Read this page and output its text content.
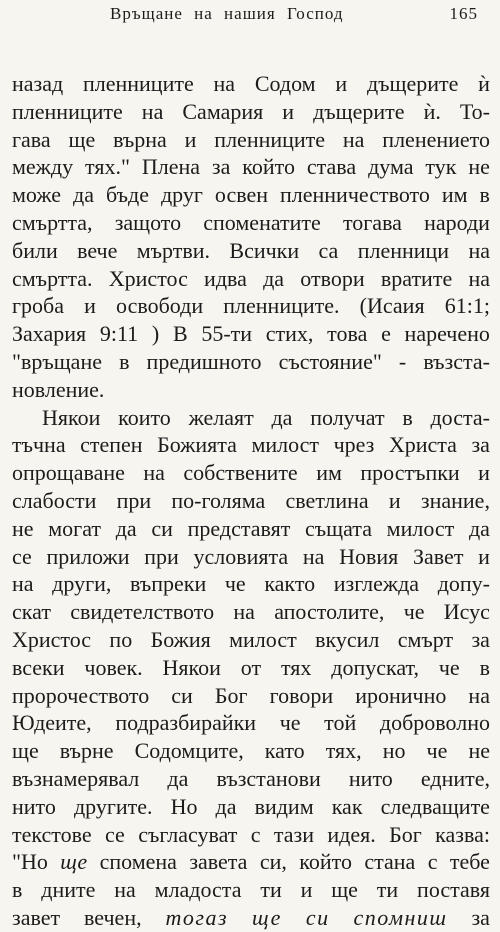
Връщане на нашия Господ	165
назад пленниците на Содом и дъщерите ѝ
пленниците на Самария и дъщерите ѝ. То-
гава ще върна и пленниците на пленението
между тях." Плена за който става дума тук не
може да бъде друг освен пленничеството им в
смъртта, защото споменатите тогава народи
били вече мъртви. Всички са пленници на
смъртта. Христос идва да отвори вратите на
гроба и освободи пленниците. (Исаия 61:1;
Захария 9:11 ) В 55-ти стих, това е наречено
"връщане в предишното състояние" - възста-
новление.
Някои които желаят да получат в доста-
тъчна степен Божията милост чрез Христа за
опрощаване на собствените им простъпки и
слабости при по-голяма светлина и знание,
не могат да си представят същата милост да
се приложи при условията на Новия Завет и
на други, въпреки че както изглежда допу-
скат свидетелството на апостолите, че Исус
Христос по Божия милост вкусил смърт за
всеки човек. Някои от тях допускат, че в
пророчеството си Бог говори иронично на
Юдеите, подразбирайки че той доброволно
ще върне Содомците, като тях, но че не
възнамерявал да възстанови нито едните,
нито другите. Но да видим как следващите
текстове се съгласуват с тази идея. Бог казва:
"Но ще спомена завета си, който стана с тебе
в дните на младоста ти и ще ти поставя
завет вечен, тогаз ще си спомниш за
